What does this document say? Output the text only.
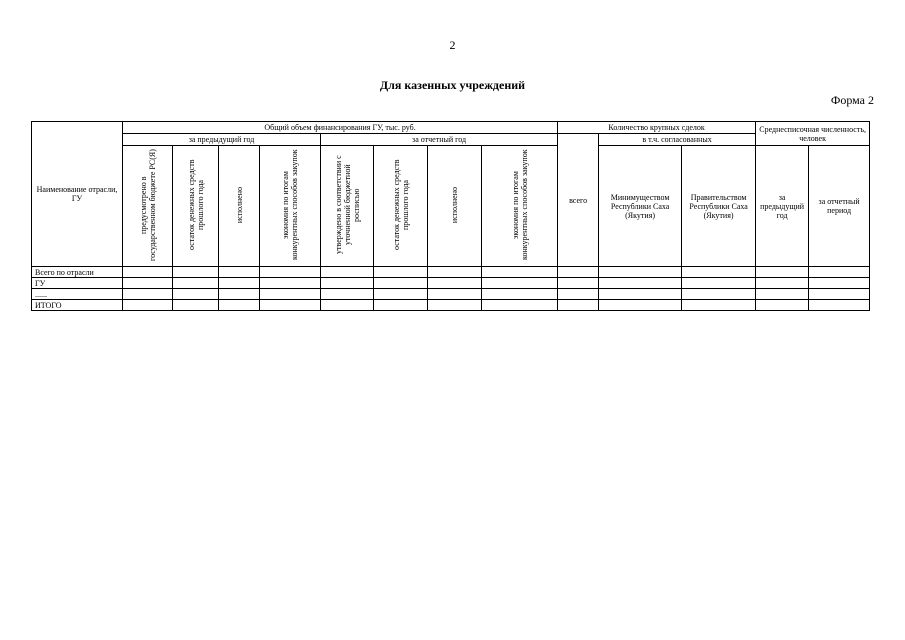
2
Для казенных учреждений
Форма 2
Наименование отрасли, ГУ	Общий объем финансирования ГУ, тыс. руб.								Количество крупных сделок			Среднесписочная численность, человек	
	за предыдущий год				за отчетный год				всего	в т.ч. согласованных			
	предусмотрено в государственном бюджете РС(Я)	остаток денежных средств прошлого года	исполнено	экономия по итогам конкурентных способов закупок	утверждено в соответствии с уточненной бюджетной росписью	остаток денежных средств прошлого года	исполнено	экономия по итогам конкурентных способов закупок		Минимуществом Республики Саха (Якутия)	Правительством Республики Саха (Якутия)	за предыдущий год	за отчетный период
Всего по отрасли													
ГУ													
......													
ИТОГО													
